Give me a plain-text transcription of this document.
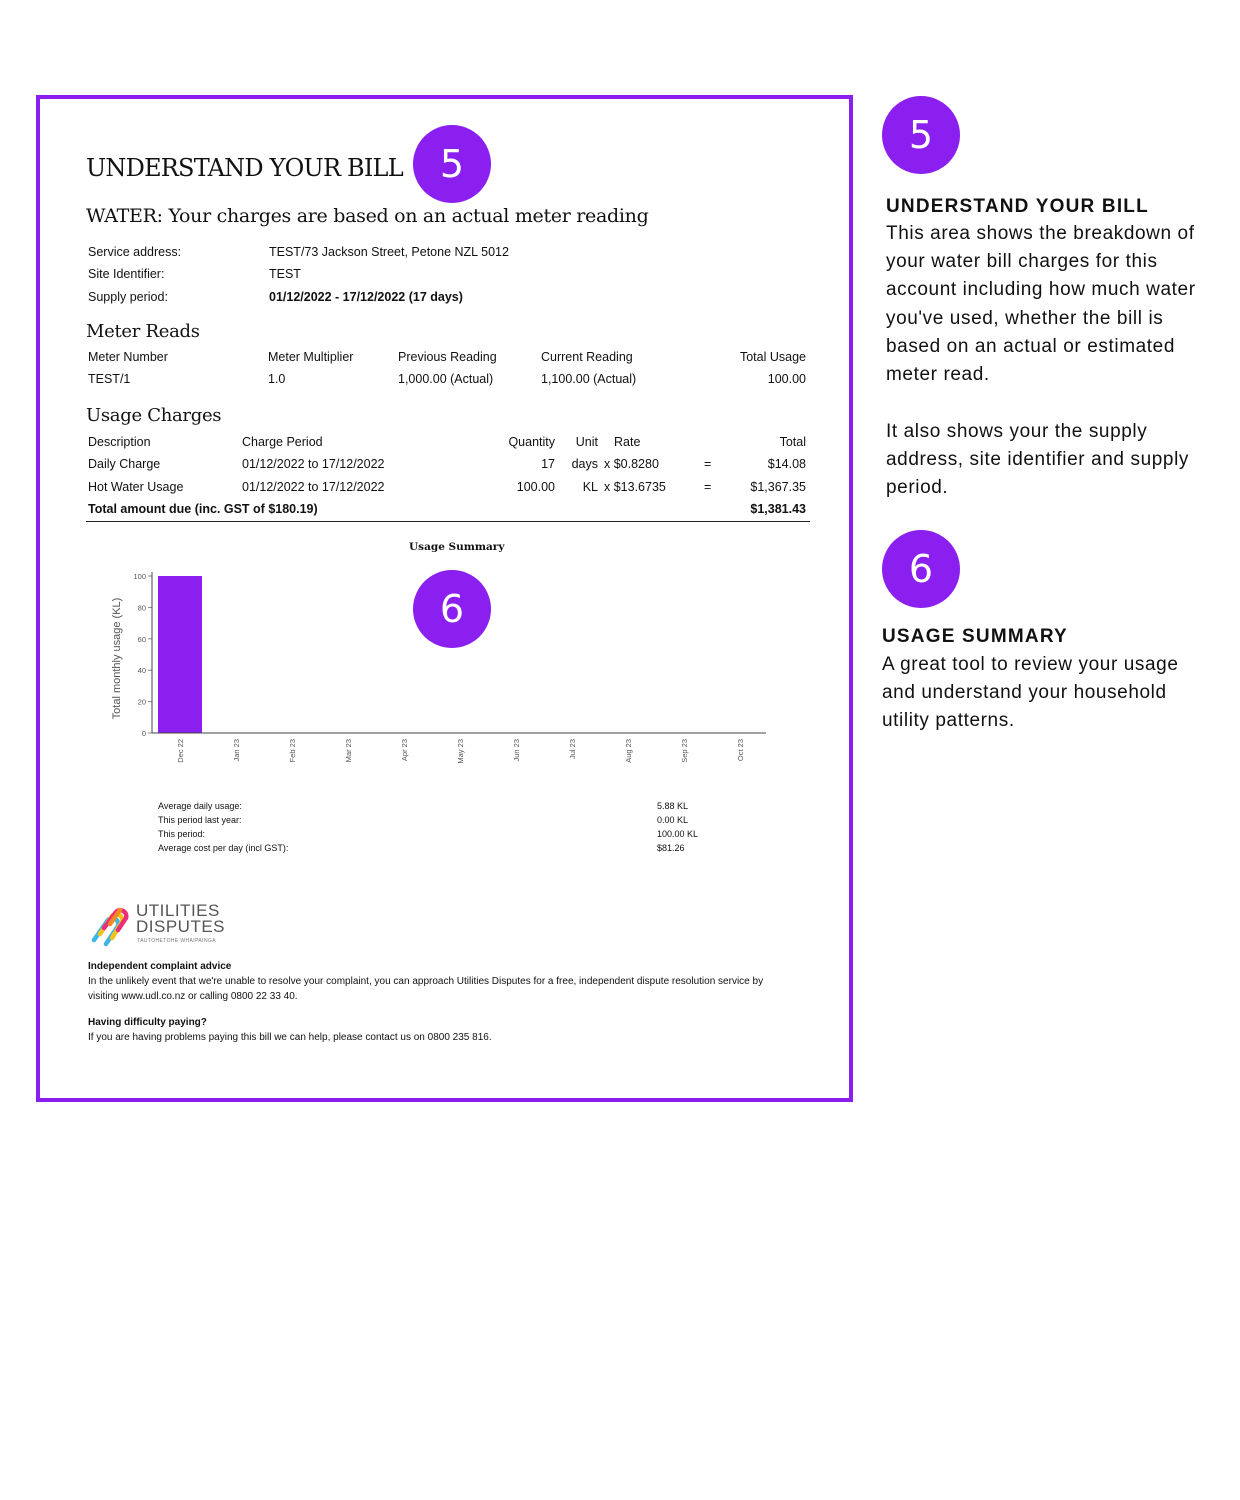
UNDERSTAND YOUR BILL 5
WATER: Your charges are based on an actual meter reading
Service address:	TEST/73 Jackson Street, Petone NZL 5012
Site Identifier:	TEST
Supply period:	01/12/2022 - 17/12/2022 (17 days)
Meter Reads
Meter Number	Meter Multiplier	Previous Reading	Current Reading	Total Usage
TEST/1	1.0	1,000.00 (Actual)	1,100.00 (Actual)	100.00
Usage Charges
Description	Charge Period	Quantity Unit Rate	Total
Daily Charge	01/12/2022 to 17/12/2022	17 days x $0.8280	=	$14.08
Hot Water Usage	01/12/2022 to 17/12/2022	100.00 KL x $13.6735	=	$1,367.35
Total amount due (inc. GST of $180.19)	$1,381.43
Usage Summary
6
Total monthly usage (KL)
0
20
40
60
80
100
Dec 22	Jan 23	Feb 23	Mar 23	Apr 23	May 23	Jun 23	Jul 23	Aug 23	Sep 23	Oct 23
Average daily usage:	5.88 KL
This period last year:	0.00 KL
This period:	100.00 KL
Average cost per day (incl GST):	$81.26
UTILITIES
DISPUTES
TAUTOHETOHE WHAIPAINGA
Independent complaint advice
In the unlikely event that we're unable to resolve your complaint, you can approach Utilities Disputes for a free, independent dispute resolution service by
visiting www.udl.co.nz or calling 0800 22 33 40.
Having difficulty paying?
If you are having problems paying this bill we can help, please contact us on 0800 235 816.
5
UNDERSTAND YOUR BILL
This area shows the breakdown of your water bill charges for this account including how much water you've used, whether the bill is based on an actual or estimated meter read.
It also shows your the supply address, site identifier and supply period.
6
USAGE SUMMARY
A great tool to review your usage and understand your household utility patterns.
